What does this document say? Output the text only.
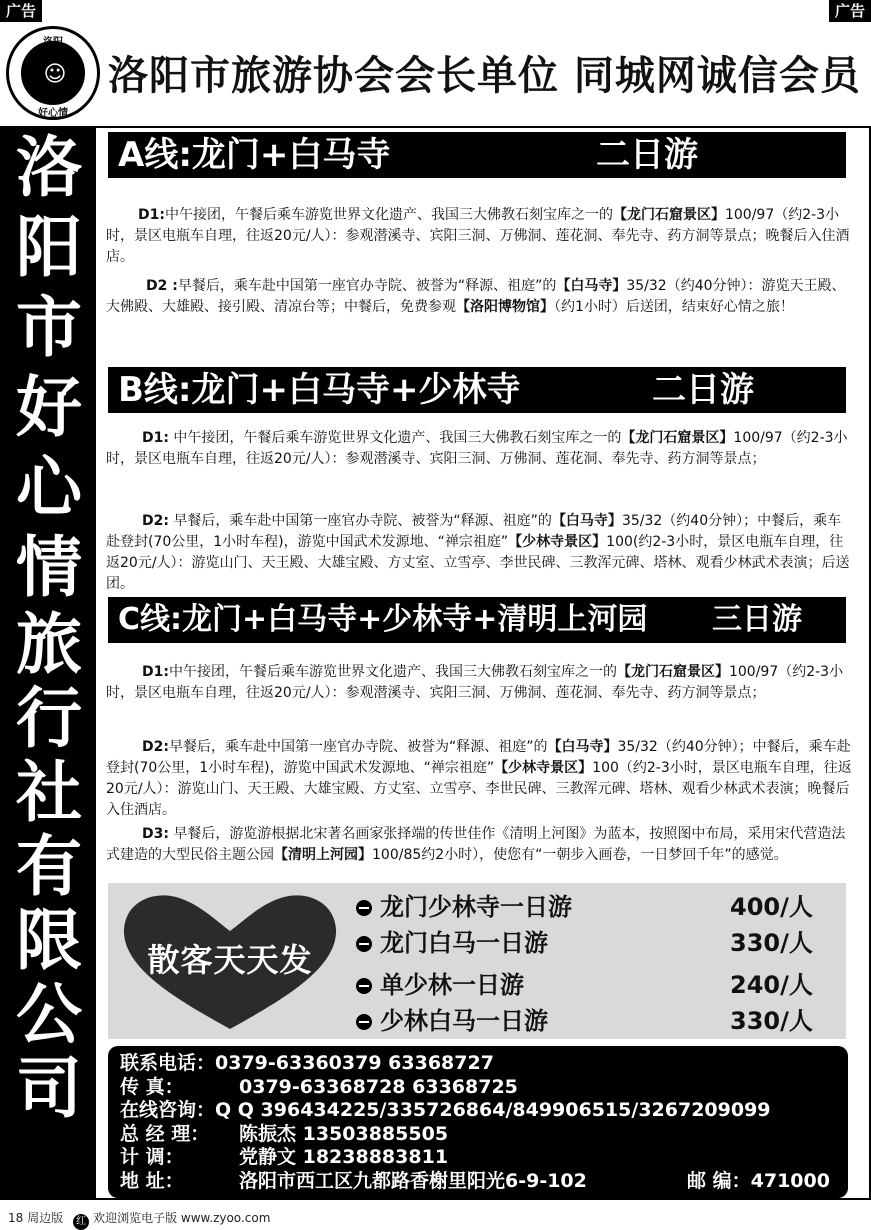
广告	广告
☺
好心情
洛阳市旅游协会会长单位 同城网诚信会员
洛
阳
市
好
心
情
旅
行
社
有
限
公
司
A线:龙门+白马寺	二日游
D1:中午接团，午餐后乘车游览世界文化遗产、我国三大佛教石刻宝库之一的【龙门石窟景区】100/97（约2-3小时，景区电瓶车自理，往返20元/人）：参观潜溪寺、宾阳三洞、万佛洞、莲花洞、奉先寺、药方洞等景点；晚餐后入住酒店。
D2 :早餐后，乘车赴中国第一座官办寺院、被誉为“释源、祖庭”的【白马寺】35/32（约40分钟）：游览天王殿、大佛殿、大雄殿、接引殿、清凉台等；中餐后，免费参观【洛阳博物馆】（约1小时）后送团，结束好心情之旅！
B线:龙门+白马寺+少林寺	二日游
D1: 中午接团，午餐后乘车游览世界文化遗产、我国三大佛教石刻宝库之一的【龙门石窟景区】100/97（约2-3小时，景区电瓶车自理，往返20元/人）：参观潜溪寺、宾阳三洞、万佛洞、莲花洞、奉先寺、药方洞等景点；
D2: 早餐后，乘车赴中国第一座官办寺院、被誉为“释源、祖庭”的【白马寺】35/32（约40分钟）；中餐后，乘车赴登封(70公里，1小时车程)，游览中国武术发源地、“禅宗祖庭”【少林寺景区】100(约2-3小时，景区电瓶车自理，往返20元/人）：游览山门、天王殿、大雄宝殿、方丈室、立雪亭、李世民碑、三教浑元碑、塔林、观看少林武术表演；后送团。
C线:龙门+白马寺+少林寺+清明上河园 三日游
D1:中午接团，午餐后乘车游览世界文化遗产、我国三大佛教石刻宝库之一的【龙门石窟景区】100/97（约2-3小时，景区电瓶车自理，往返20元/人）：参观潜溪寺、宾阳三洞、万佛洞、莲花洞、奉先寺、药方洞等景点；
D2:早餐后，乘车赴中国第一座官办寺院、被誉为“释源、祖庭”的【白马寺】35/32（约40分钟）；中餐后，乘车赴登封(70公里，1小时车程)，游览中国武术发源地、“禅宗祖庭”【少林寺景区】100（约2-3小时，景区电瓶车自理，往返20元/人）：游览山门、天王殿、大雄宝殿、方丈室、立雪亭、李世民碑、三教浑元碑、塔林、观看少林武术表演；晚餐后入住酒店。
D3: 早餐后，游览游根据北宋著名画家张择端的传世佳作《清明上河图》为蓝本，按照图中布局，采用宋代营造法式建造的大型民俗主题公园【清明上河园】100/85约2小时），使您有“一朝步入画卷，一日梦回千年”的感觉。
散客天天发
龙门少林寺一日游	400/人
龙门白马一日游	330/人
单少林一日游	240/人
少林白马一日游	330/人
联系电话：0379-63360379 63368727
传 真：	0379-63368728 63368725
在线咨询：Q Q 396434225/335726864/849906515/3267209099
总 经 理： 陈振杰 13503885505
计 调：	党静文 18238883811
地 址：	洛阳市西工区九都路香榭里阳光6-9-102	邮 编：471000
18 周边版 红 欢迎浏览电子版 www.zyoo.com
